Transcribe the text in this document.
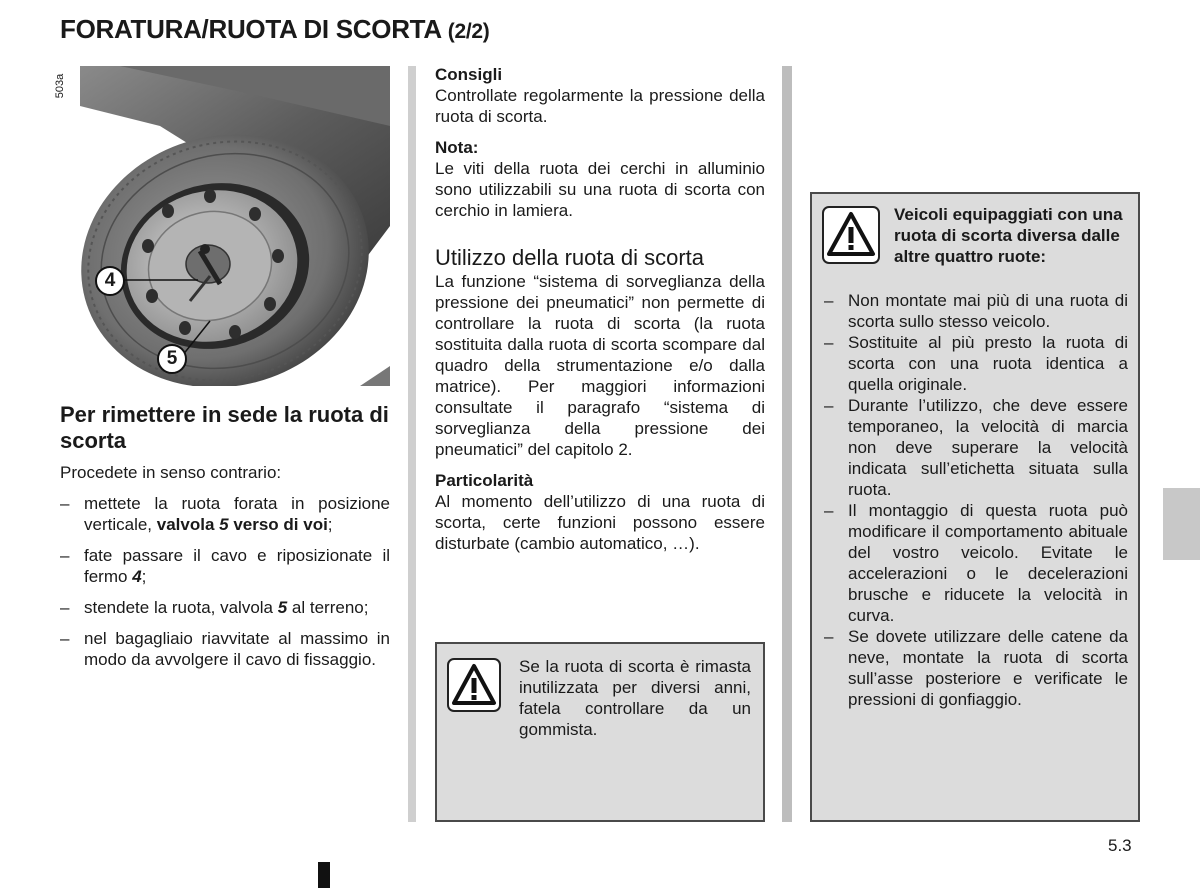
FORATURA/RUOTA DI SCORTA (2/2)
503a
4
5
Per rimettere in sede la ruota di scorta
Procedete in senso contrario:
– mettete la ruota forata in posizione verticale, valvola 5 verso di voi;
– fate passare il cavo e riposizionate il fermo 4;
– stendete la ruota, valvola 5 al terreno;
– nel bagagliaio riavvitate al massimo in modo da avvolgere il cavo di fissaggio.
Consigli
Controllate regolarmente la pressione della ruota di scorta.
Nota:
Le viti della ruota dei cerchi in alluminio sono utilizzabili su una ruota di scorta con cerchio in lamiera.
Utilizzo della ruota di scorta
La funzione “sistema di sorveglianza della pressione dei pneumatici” non permette di controllare la ruota di scorta (la ruota sostituita dalla ruota di scorta scompare dal quadro della strumentazione e/o dalla matrice). Per maggiori informazioni consultate il paragrafo “sistema di sorveglianza della pressione dei pneumatici” del capitolo 2.
Particolarità
Al momento dell’utilizzo di una ruota di scorta, certe funzioni possono essere disturbate (cambio automatico, …).
Se la ruota di scorta è rimasta inutilizzata per diversi anni, fatela controllare da un gommista.
Veicoli equipaggiati con una ruota di scorta diversa dalle altre quattro ruote:
– Non montate mai più di una ruota di scorta sullo stesso veicolo.
– Sostituite al più presto la ruota di scorta con una ruota identica a quella originale.
– Durante l’utilizzo, che deve essere temporaneo, la velocità di marcia non deve superare la velocità indicata sull’etichetta situata sulla ruota.
– Il montaggio di questa ruota può modificare il comportamento abituale del vostro veicolo. Evitate le accelerazioni o le decelerazioni brusche e riducete la velocità in curva.
– Se dovete utilizzare delle catene da neve, montate la ruota di scorta sull’asse posteriore e verificate le pressioni di gonfiaggio.
5.3
